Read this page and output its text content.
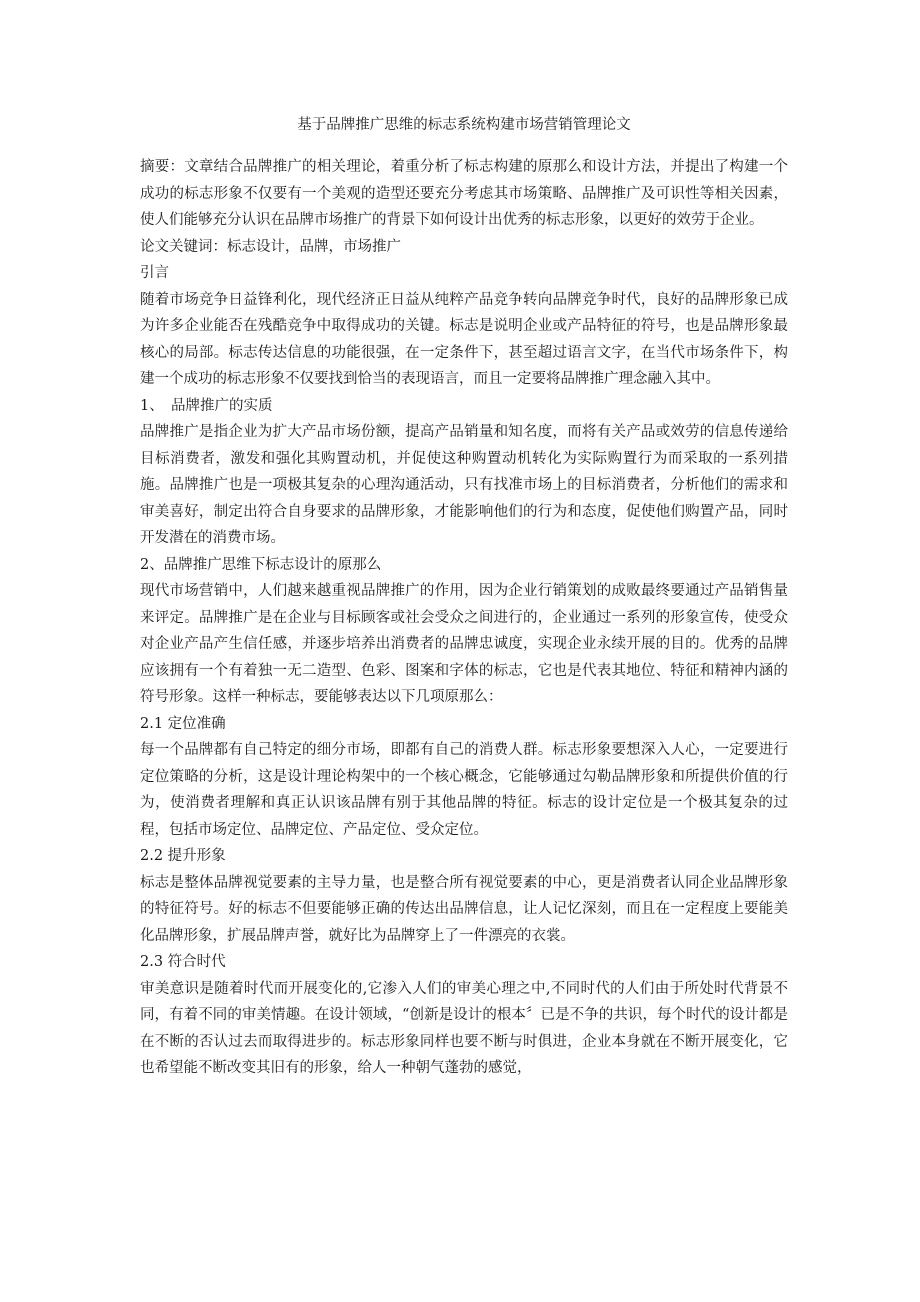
基于品牌推广思维的标志系统构建市场营销管理论文

摘要：文章结合品牌推广的相关理论，着重分析了标志构建的原那么和设计方法，并提出了构建一个成功的标志形象不仅要有一个美观的造型还要充分考虑其市场策略、品牌推广及可识性等相关因素，使人们能够充分认识在品牌市场推广的背景下如何设计出优秀的标志形象，以更好的效劳于企业。

论文关键词：标志设计，品牌，市场推广

引言

随着市场竞争日益锋利化，现代经济正日益从纯粹产品竞争转向品牌竞争时代，良好的品牌形象已成为许多企业能否在残酷竞争中取得成功的关键。标志是说明企业或产品特征的符号，也是品牌形象最核心的局部。标志传达信息的功能很强，在一定条件下，甚至超过语言文字，在当代市场条件下，构建一个成功的标志形象不仅要找到恰当的表现语言，而且一定要将品牌推广理念融入其中。

1、　品牌推广的实质

品牌推广是指企业为扩大产品市场份额，提高产品销量和知名度，而将有关产品或效劳的信息传递给目标消费者，激发和强化其购置动机，并促使这种购置动机转化为实际购置行为而采取的一系列措施。品牌推广也是一项极其复杂的心理沟通活动，只有找准市场上的目标消费者，分析他们的需求和审美喜好，制定出符合自身要求的品牌形象，才能影响他们的行为和态度，促使他们购置产品，同时开发潜在的消费市场。

2、品牌推广思维下标志设计的原那么

现代市场营销中，人们越来越重视品牌推广的作用，因为企业行销策划的成败最终要通过产品销售量来评定。品牌推广是在企业与目标顾客或社会受众之间进行的，企业通过一系列的形象宣传，使受众对企业产品产生信任感，并逐步培养出消费者的品牌忠诚度，实现企业永续开展的目的。优秀的品牌应该拥有一个有着独一无二造型、色彩、图案和字体的标志，它也是代表其地位、特征和精神内涵的符号形象。这样一种标志，要能够表达以下几项原那么：

2.1 定位准确

每一个品牌都有自己特定的细分市场，即都有自己的消费人群。标志形象要想深入人心，一定要进行定位策略的分析，这是设计理论构架中的一个核心概念，它能够通过勾勒品牌形象和所提供价值的行为，使消费者理解和真正认识该品牌有别于其他品牌的特征。标志的设计定位是一个极其复杂的过程，包括市场定位、品牌定位、产品定位、受众定位。

2.2 提升形象

标志是整体品牌视觉要素的主导力量，也是整合所有视觉要素的中心，更是消费者认同企业品牌形象的特征符号。好的标志不但要能够正确的传达出品牌信息，让人记忆深刻，而且在一定程度上要能美化品牌形象，扩展品牌声誉，就好比为品牌穿上了一件漂亮的衣裳。

2.3 符合时代

审美意识是随着时代而开展变化的,它渗入人们的审美心理之中,不同时代的人们由于所处时代背景不同，有着不同的审美情趣。在设计领域，“创新是设计的根本〞已是不争的共识，每个时代的设计都是在不断的否认过去而取得进步的。标志形象同样也要不断与时俱进，企业本身就在不断开展变化，它也希望能不断改变其旧有的形象，给人一种朝气蓬勃的感觉，
